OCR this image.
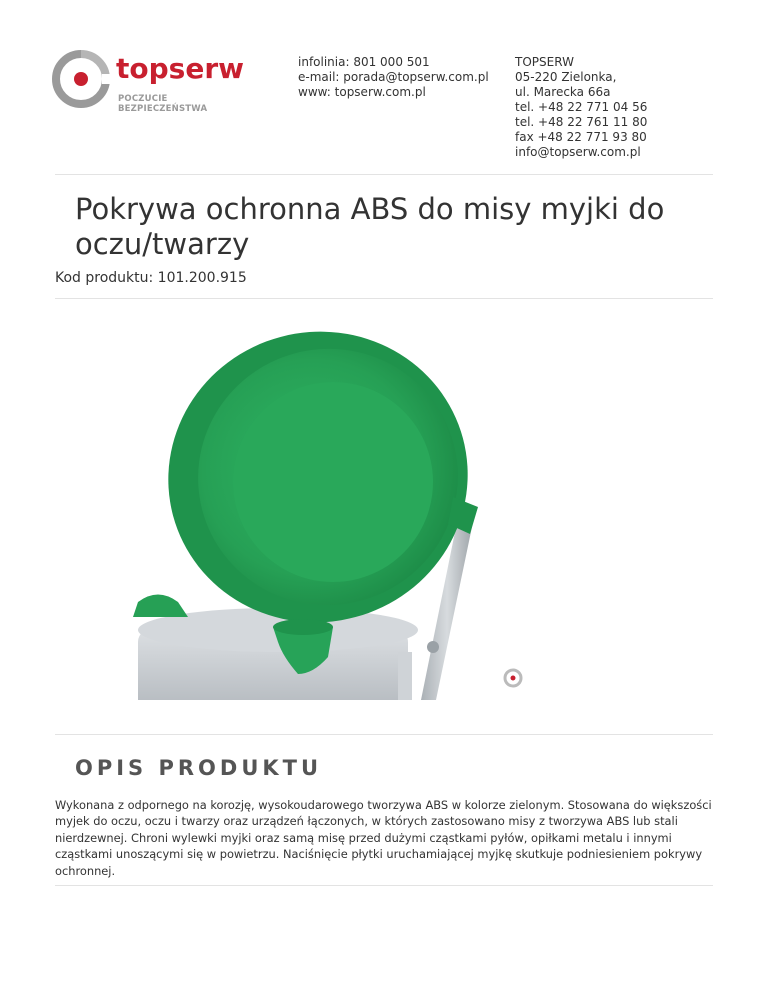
topserw
POCZUCIE BEZPIECZEŃSTWA
infolinia: 801 000 501
e-mail: porada@topserw.com.pl
www: topserw.com.pl
TOPSERW
05-220 Zielonka,
ul. Marecka 66a
tel. +48 22 771 04 56
tel. +48 22 761 11 80
fax +48 22 771 93 80
info@topserw.com.pl
Pokrywa ochronna ABS do misy myjki do oczu/twarzy
Kod produktu: 101.200.915
OPIS PRODUKTU

Wykonana z odpornego na korozję, wysokoudarowego tworzywa ABS w kolorze zielonym. Stosowana do większości myjek do oczu, oczu i twarzy oraz urządzeń łączonych, w których zastosowano misy z tworzywa ABS lub stali nierdzewnej. Chroni wylewki myjki oraz samą misę przed dużymi cząstkami pyłów, opiłkami metalu i innymi cząstkami unoszącymi się w powietrzu. Naciśnięcie płytki uruchamiającej myjkę skutkuje podniesieniem pokrywy ochronnej.
